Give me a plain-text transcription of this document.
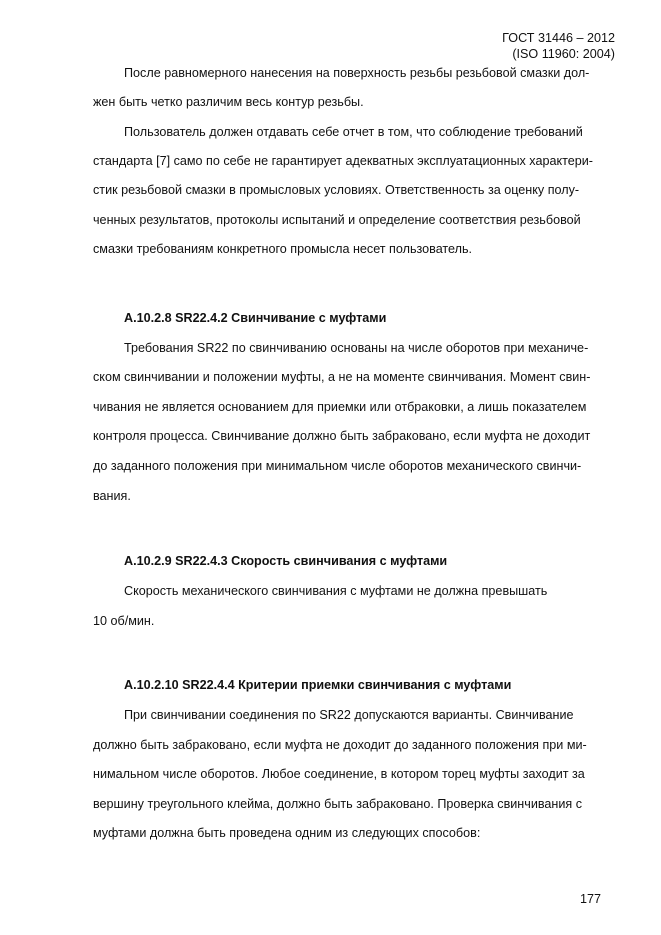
ГОСТ 31446 – 2012
(ISO 11960: 2004)
После равномерного нанесения на поверхность резьбы резьбовой смазки дол-
жен быть четко различим весь контур резьбы.
Пользователь должен отдавать себе отчет в том, что соблюдение требований
стандарта [7] само по себе не гарантирует адекватных эксплуатационных характери-
стик резьбовой смазки в промысловых условиях. Ответственность за оценку полу-
ченных результатов, протоколы испытаний и определение соответствия резьбовой
смазки требованиям конкретного промысла несет пользователь.
А.10.2.8 SR22.4.2 Свинчивание с муфтами
Требования SR22 по свинчиванию основаны на числе оборотов при механиче-
ском свинчивании и положении муфты, а не на моменте свинчивания. Момент свин-
чивания не является основанием для приемки или отбраковки, а лишь показателем
контроля процесса. Свинчивание должно быть забраковано, если муфта не доходит
до заданного положения при минимальном числе оборотов механического свинчи-
вания.
А.10.2.9 SR22.4.3 Скорость свинчивания с муфтами
Скорость механического свинчивания с муфтами не должна превышать
10 об/мин.
А.10.2.10 SR22.4.4 Критерии приемки свинчивания с муфтами
При свинчивании соединения по SR22 допускаются варианты. Свинчивание
должно быть забраковано, если муфта не доходит до заданного положения при ми-
нимальном числе оборотов. Любое соединение, в котором торец муфты заходит за
вершину треугольного клейма, должно быть забраковано. Проверка свинчивания с
муфтами должна быть проведена одним из следующих способов:
177
